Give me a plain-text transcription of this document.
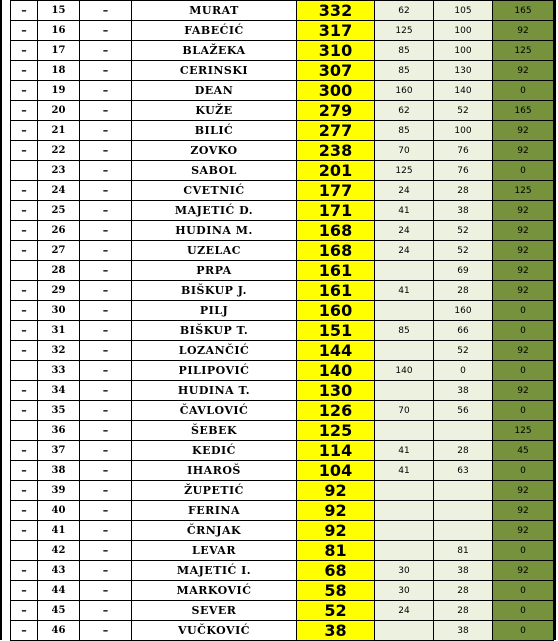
–	15	–	MURAT	332	62	105	165
–	16	–	FABEĆIĆ	317	125	100	92
–	17	–	BLAŽEKA	310	85	100	125
–	18	–	CERINSKI	307	85	130	92
–	19	–	DEAN	300	160	140	0
–	20	–	KUŽE	279	62	52	165
–	21	–	BILIĆ	277	85	100	92
–	22	–	ZOVKO	238	70	76	92
	23	–	SABOL	201	125	76	0
–	24	–	CVETNIĆ	177	24	28	125
–	25	–	MAJETIĆ D.	171	41	38	92
–	26	–	HUDINA M.	168	24	52	92
–	27	–	UZELAC	168	24	52	92
	28	–	PRPA	161		69	92
–	29	–	BIŠKUP J.	161	41	28	92
–	30	–	PILJ	160		160	0
–	31	–	BIŠKUP T.	151	85	66	0
–	32	–	LOZANČIĆ	144		52	92
	33	–	PILIPOVIĆ	140	140	0	0
–	34	–	HUDINA T.	130		38	92
–	35	–	ČAVLOVIĆ	126	70	56	0
	36	–	ŠEBEK	125			125
–	37	–	KEDIĆ	114	41	28	45
–	38	–	IHAROŠ	104	41	63	0
–	39	–	ŽUPETIĆ	92			92
–	40	–	FERINA	92			92
–	41	–	ČRNJAK	92			92
	42	–	LEVAR	81		81	0
–	43	–	MAJETIĆ I.	68	30	38	92
–	44	–	MARKOVIĆ	58	30	28	0
–	45	–	SEVER	52	24	28	0
–	46	–	VUČKOVIĆ	38		38	0
